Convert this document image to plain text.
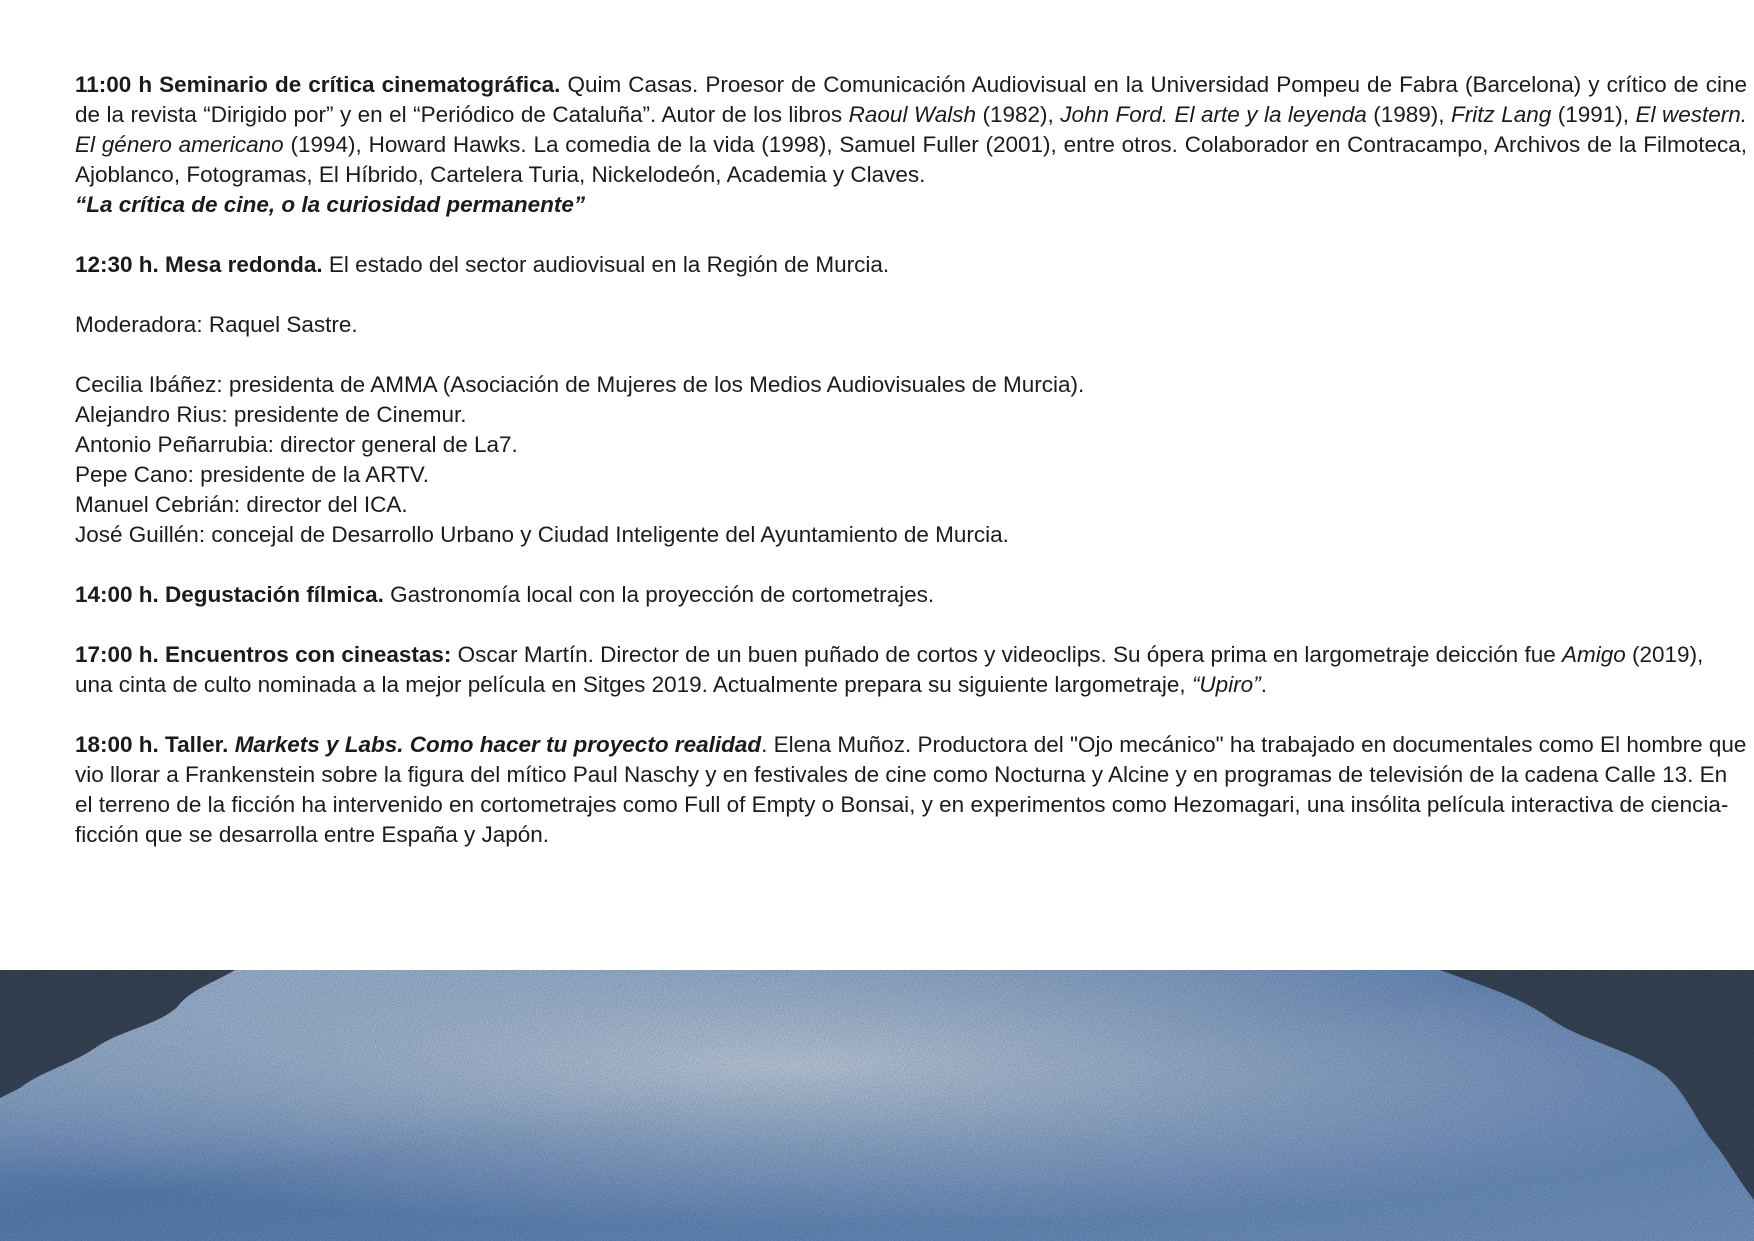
11:00 h Seminario de crítica cinematográfica. Quim Casas. Proesor de Comunicación Audiovisual en la Universidad Pompeu de Fabra (Barcelona) y crítico de cine de la revista “Dirigido por” y en el “Periódico de Cataluña”. Autor de los libros Raoul Walsh (1982), John Ford. El arte y la leyenda (1989), Fritz Lang (1991), El western. El género americano (1994), Howard Hawks. La comedia de la vida (1998), Samuel Fuller (2001), entre otros. Colaborador en Contracampo, Archivos de la Filmoteca, Ajoblanco, Fotogramas, El Híbrido, Cartelera Turia, Nickelodeón, Academia y Claves.

“La crítica de cine, o la curiosidad permanente”

12:30 h. Mesa redonda. El estado del sector audiovisual en la Región de Murcia.

Moderadora: Raquel Sastre.

Cecilia Ibáñez: presidenta de AMMA (Asociación de Mujeres de los Medios Audiovisuales de Murcia).

Alejandro Rius: presidente de Cinemur.

Antonio Peñarrubia: director general de La7.

Pepe Cano: presidente de la ARTV.

Manuel Cebrián: director del ICA.

José Guillén: concejal de Desarrollo Urbano y Ciudad Inteligente del Ayuntamiento de Murcia.

14:00 h. Degustación fílmica. Gastronomía local con la proyección de cortometrajes.

17:00 h. Encuentros con cineastas: Oscar Martín. Director de un buen puñado de cortos y videoclips. Su ópera prima en largometraje deicción fue Amigo (2019), una cinta de culto nominada a la mejor película en Sitges 2019. Actualmente prepara su siguiente largometraje, “Upiro”.

18:00 h. Taller. Markets y Labs. Como hacer tu proyecto realidad. Elena Muñoz. Productora del "Ojo mecánico" ha trabajado en documentales como El hombre que vio llorar a Frankenstein sobre la figura del mítico Paul Naschy y en festivales de cine como Nocturna y Alcine y en programas de televisión de la cadena Calle 13. En el terreno de la ficción ha intervenido en cortometrajes como Full of Empty o Bonsai, y en experimentos como Hezomagari, una insólita película interactiva de ciencia-ficción que se desarrolla entre España y Japón.
